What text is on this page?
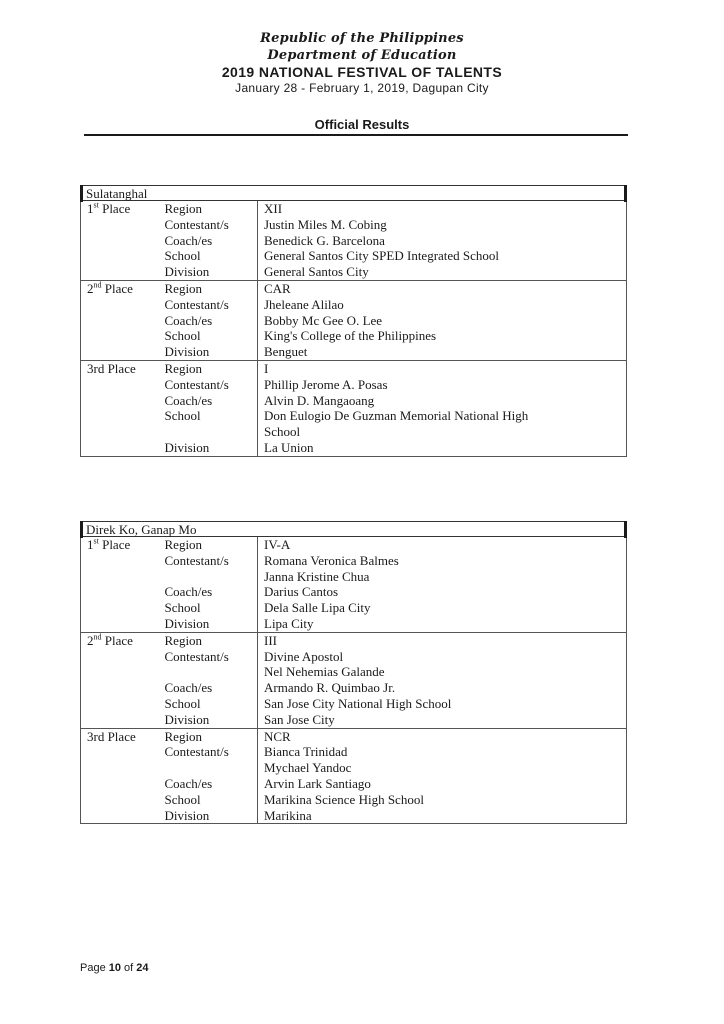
Republic of the Philippines
Department of Education
2019 NATIONAL FESTIVAL OF TALENTS
January 28 - February 1, 2019, Dagupan City
Official Results
Sulatanghal
1st Place	Region	XII
	Contestant/s	Justin Miles M. Cobing
	Coach/es	Benedick G. Barcelona
	School	General Santos City SPED Integrated School
	Division	General Santos City
2nd Place	Region	CAR
	Contestant/s	Jheleane Alilao
	Coach/es	Bobby Mc Gee O. Lee
	School	King's College of the Philippines
	Division	Benguet
3rd Place	Region	I
	Contestant/s	Phillip Jerome A. Posas
	Coach/es	Alvin D. Mangaoang
	School	Don Eulogio De Guzman Memorial National High
		School
	Division	La Union
Direk Ko, Ganap Mo
1st Place	Region	IV-A
	Contestant/s	Romana Veronica Balmes
		Janna Kristine Chua
	Coach/es	Darius Cantos
	School	Dela Salle Lipa City
	Division	Lipa City
2nd Place	Region	III
	Contestant/s	Divine Apostol
		Nel Nehemias Galande
	Coach/es	Armando R. Quimbao Jr.
	School	San Jose City National High School
	Division	San Jose City
3rd Place	Region	NCR
	Contestant/s	Bianca Trinidad
		Mychael Yandoc
	Coach/es	Arvin Lark Santiago
	School	Marikina Science High School
	Division	Marikina
Page 10 of 24
